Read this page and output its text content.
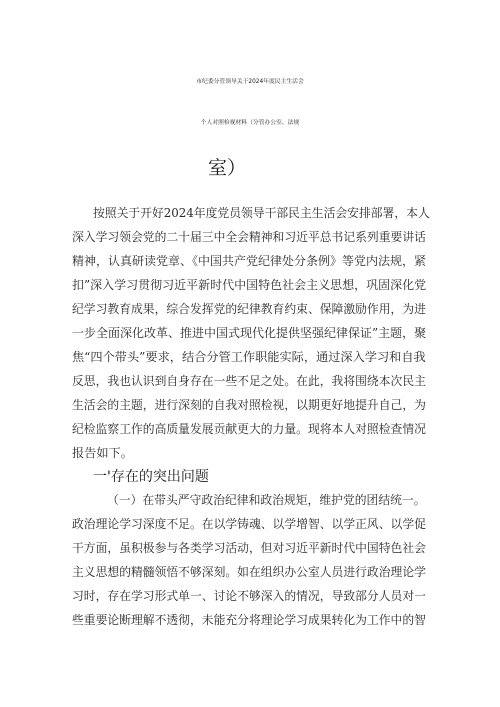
市纪委分管领导关于2024年度民主生活会
个人对照检视材料（分管办公室、法规
室）
按照关于开好2024年度党员领导干部民主生活会安排部署，本人
深入学习领会党的二十届三中全会精神和习近平总书记系列重要讲话
精神，认真研读党章、《中国共产党纪律处分条例》等党内法规，紧
扣”深入学习贯彻习近平新时代中国特色社会主义思想，巩固深化党
纪学习教育成果，综合发挥党的纪律教育约束、保障激励作用，为进
一步全面深化改革、推进中国式现代化提供坚强纪律保证”主题，聚
焦“四个带头”要求，结合分管工作职能实际，通过深入学习和自我
反思，我也认识到自身存在一些不足之处。在此，我将围绕本次民主
生活会的主题，进行深刻的自我对照检视，以期更好地提升自己，为
纪检监察工作的高质量发展贡献更大的力量。现将本人对照检查情况
报告如下。
一'存在的突出问题
（一）在带头严守政治纪律和政治规矩，维护党的团结统一。
政治理论学习深度不足。在以学铸魂、以学增智、以学正风、以学促
干方面，虽积极参与各类学习活动，但对习近平新时代中国特色社会
主义思想的精髓领悟不够深刻。如在组织办公室人员进行政治理论学
习时，存在学习形式单一、讨论不够深入的情况，导致部分人员对一
些重要论断理解不透彻，未能充分将理论学习成果转化为工作中的智
